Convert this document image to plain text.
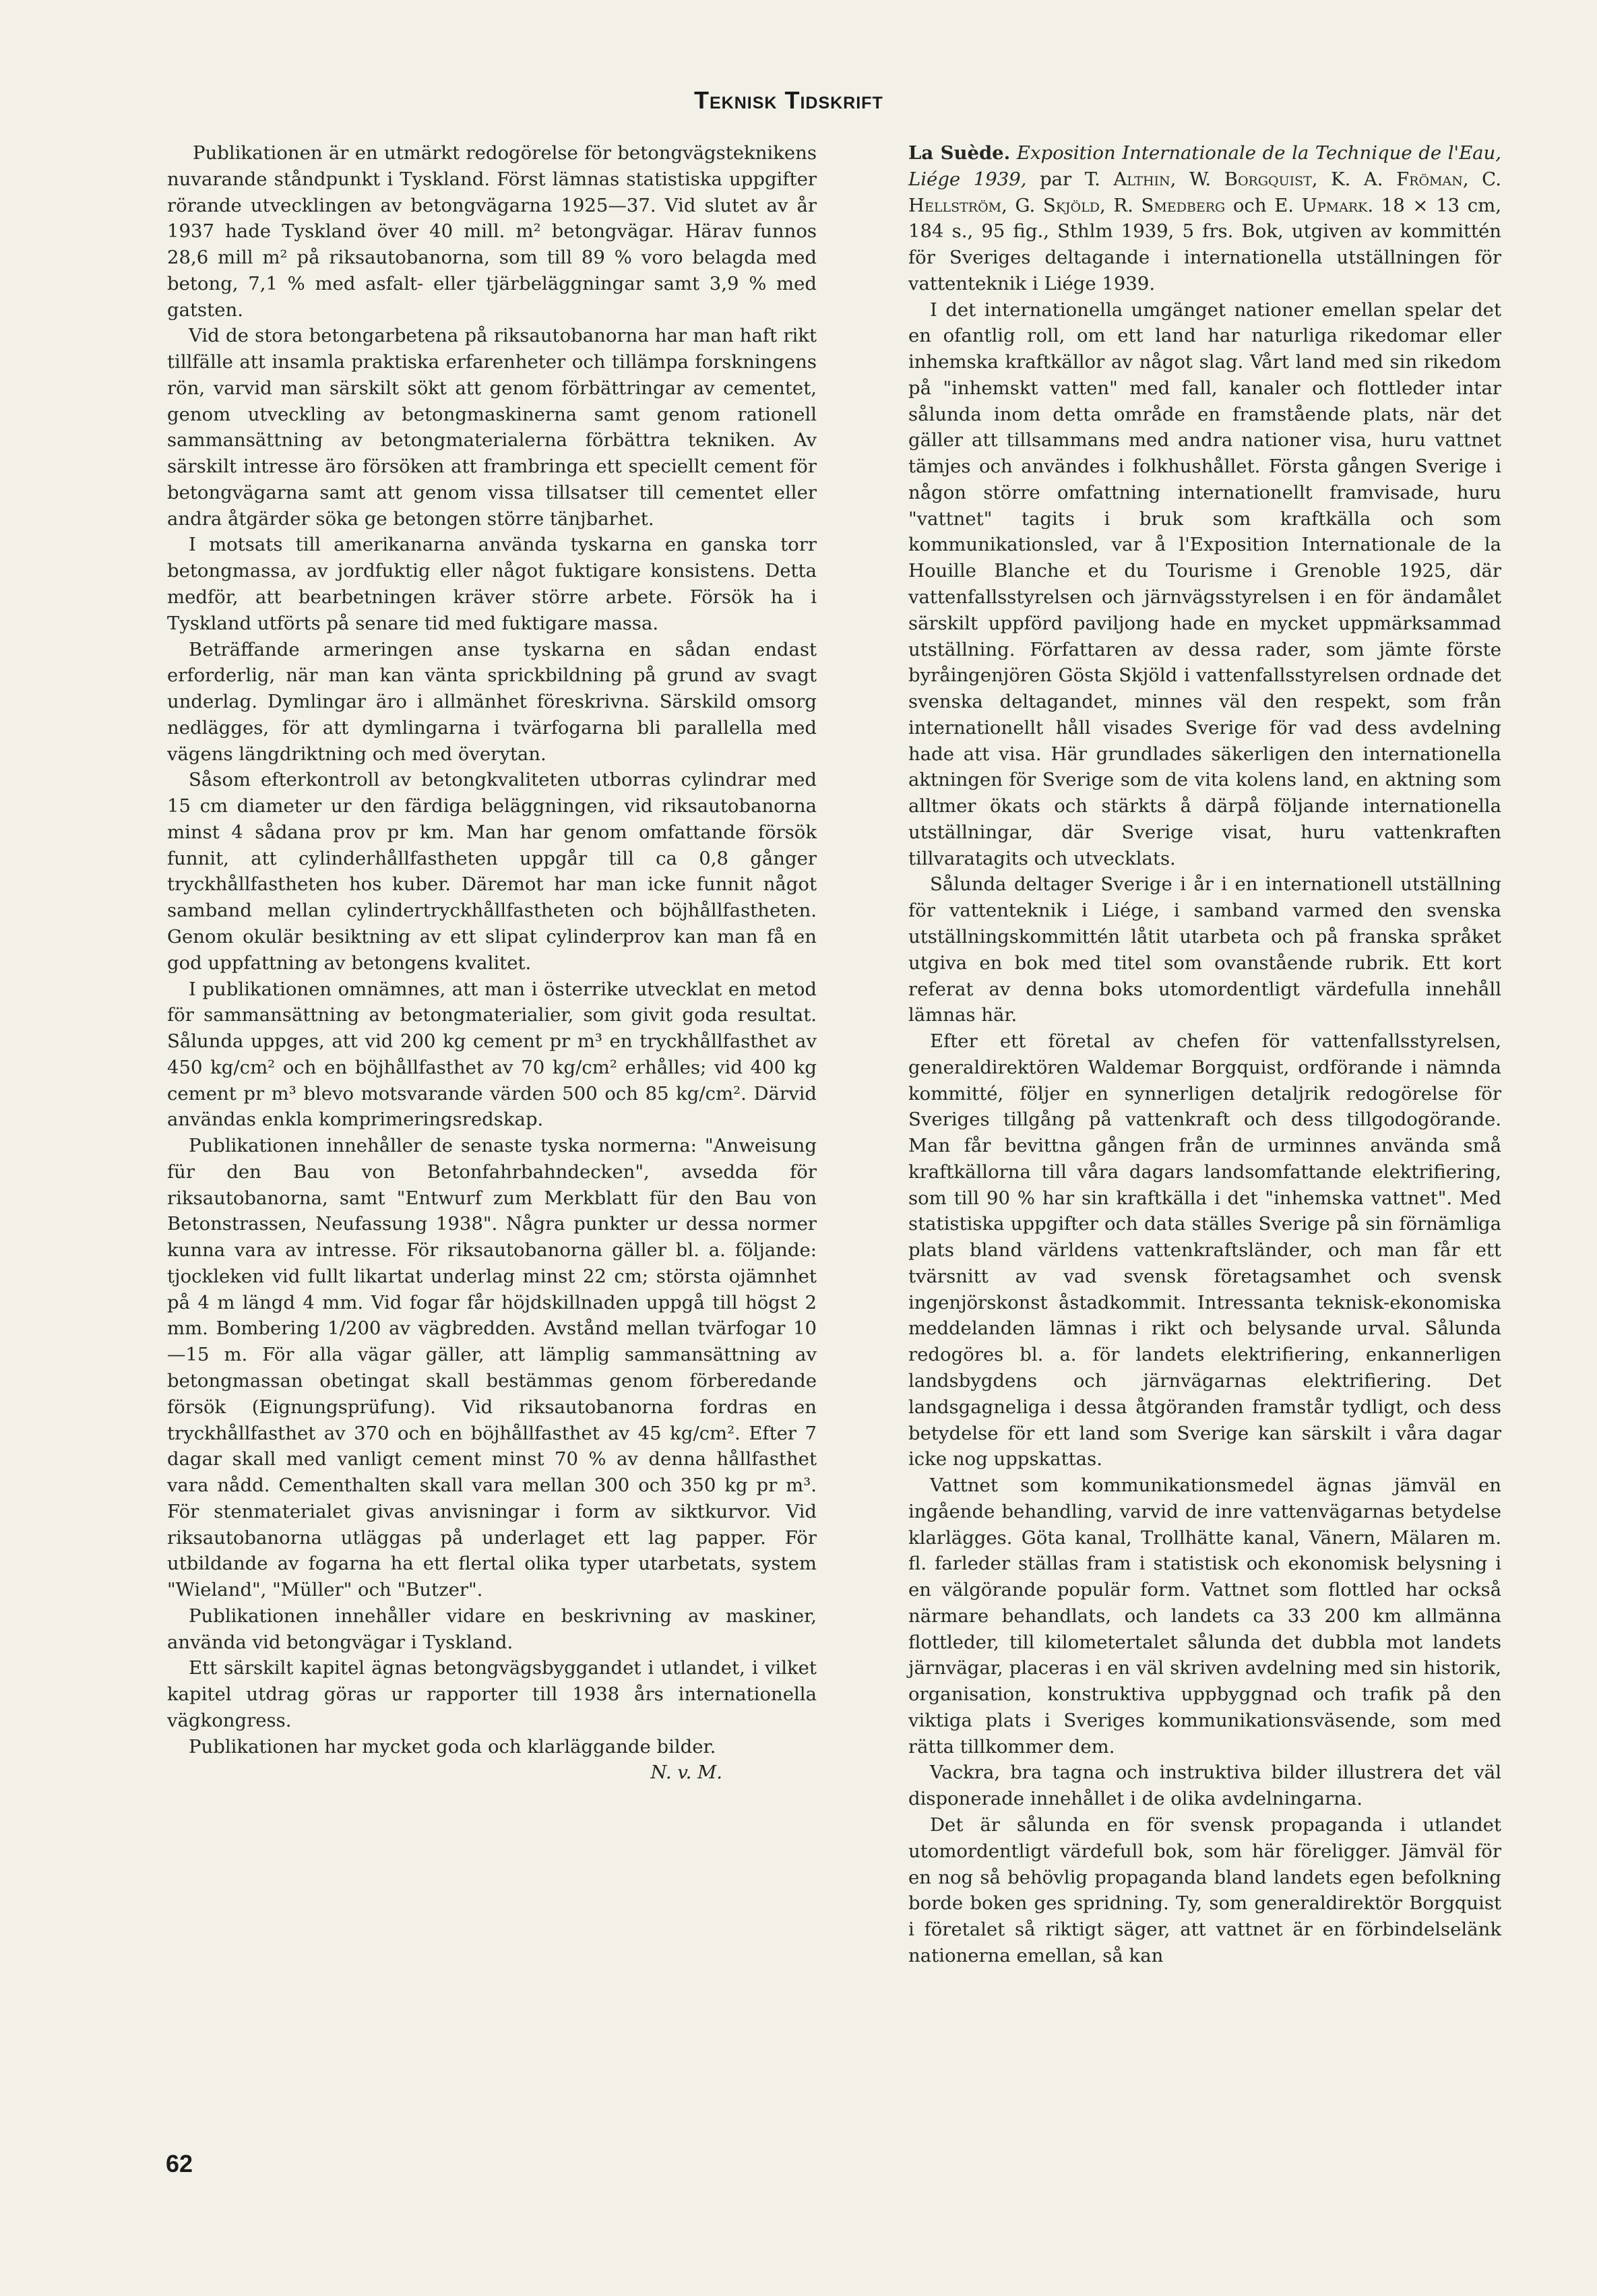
Teknisk Tidskrift

Publikationen är en utmärkt redogörelse för betongvägsteknikens nuvarande ståndpunkt i Tyskland. Först lämnas statistiska uppgifter rörande utvecklingen av betongvägarna 1925—37. Vid slutet av år 1937 hade Tyskland över 40 mill. m² betongvägar. Härav funnos 28,6 mill m² på riksautobanorna, som till 89 % voro belagda med betong, 7,1 % med asfalt- eller tjärbeläggningar samt 3,9 % med gatsten.

Vid de stora betongarbetena på riksautobanorna har man haft rikt tillfälle att insamla praktiska erfarenheter och tillämpa forskningens rön, varvid man särskilt sökt att genom förbättringar av cementet, genom utveckling av betongmaskinerna samt genom rationell sammansättning av betongmaterialerna förbättra tekniken. Av särskilt intresse äro försöken att frambringa ett speciellt cement för betongvägarna samt att genom vissa tillsatser till cementet eller andra åtgärder söka ge betongen större tänjbarhet.

I motsats till amerikanarna använda tyskarna en ganska torr betongmassa, av jordfuktig eller något fuktigare konsistens. Detta medför, att bearbetningen kräver större arbete. Försök ha i Tyskland utförts på senare tid med fuktigare massa.

Beträffande armeringen anse tyskarna en sådan endast erforderlig, när man kan vänta sprickbildning på grund av svagt underlag. Dymlingar äro i allmänhet föreskrivna. Särskild omsorg nedlägges, för att dymlingarna i tvärfogarna bli parallella med vägens längdriktning och med överytan.

Såsom efterkontroll av betongkvaliteten utborras cylindrar med 15 cm diameter ur den färdiga beläggningen, vid riksautobanorna minst 4 sådana prov pr km. Man har genom omfattande försök funnit, att cylinderhållfastheten uppgår till ca 0,8 gånger tryckhållfastheten hos kuber. Däremot har man icke funnit något samband mellan cylindertryckhållfastheten och böjhållfastheten. Genom okulär besiktning av ett slipat cylinderprov kan man få en god uppfattning av betongens kvalitet.

I publikationen omnämnes, att man i österrike utvecklat en metod för sammansättning av betongmaterialier, som givit goda resultat. Sålunda uppges, att vid 200 kg cement pr m³ en tryckhållfasthet av 450 kg/cm² och en böjhållfasthet av 70 kg/cm² erhålles; vid 400 kg cement pr m³ blevo motsvarande värden 500 och 85 kg/cm². Därvid användas enkla komprimeringsredskap.

Publikationen innehåller de senaste tyska normerna: "Anweisung für den Bau von Betonfahrbahndecken", avsedda för riksautobanorna, samt "Entwurf zum Merkblatt für den Bau von Betonstrassen, Neufassung 1938". Några punkter ur dessa normer kunna vara av intresse. För riksautobanorna gäller bl. a. följande: tjockleken vid fullt likartat underlag minst 22 cm; största ojämnhet på 4 m längd 4 mm. Vid fogar får höjdskillnaden uppgå till högst 2 mm. Bombering 1/200 av vägbredden. Avstånd mellan tvärfogar 10—15 m. För alla vägar gäller, att lämplig sammansättning av betongmassan obetingat skall bestämmas genom förberedande försök (Eignungsprüfung). Vid riksautobanorna fordras en tryckhållfasthet av 370 och en böjhållfasthet av 45 kg/cm². Efter 7 dagar skall med vanligt cement minst 70 % av denna hållfasthet vara nådd. Cementhalten skall vara mellan 300 och 350 kg pr m³. För stenmaterialet givas anvisningar i form av siktkurvor. Vid riksautobanorna utläggas på underlaget ett lag papper. För utbildande av fogarna ha ett flertal olika typer utarbetats, system "Wieland", "Müller" och "Butzer".

Publikationen innehåller vidare en beskrivning av maskiner, använda vid betongvägar i Tyskland.

Ett särskilt kapitel ägnas betongvägsbyggandet i utlandet, i vilket kapitel utdrag göras ur rapporter till 1938 års internationella vägkongress.

Publikationen har mycket goda och klarläggande bilder.

N. v. M.

La Suède. Exposition Internationale de la Technique de l'Eau, Liége 1939, par T. Althin, W. Borgquist, K. A. Fröman, C. Hellström, G. Skjöld, R. Smedberg och E. Upmark. 18 × 13 cm, 184 s., 95 fig., Sthlm 1939, 5 frs. Bok, utgiven av kommittén för Sveriges deltagande i internationella utställningen för vattenteknik i Liége 1939.

I det internationella umgänget nationer emellan spelar det en ofantlig roll, om ett land har naturliga rikedomar eller inhemska kraftkällor av något slag. Vårt land med sin rikedom på "inhemskt vatten" med fall, kanaler och flottleder intar sålunda inom detta område en framstående plats, när det gäller att tillsammans med andra nationer visa, huru vattnet tämjes och användes i folkhushållet. Första gången Sverige i någon större omfattning internationellt framvisade, huru "vattnet" tagits i bruk som kraftkälla och som kommunikationsled, var å l'Exposition Internationale de la Houille Blanche et du Tourisme i Grenoble 1925, där vattenfallsstyrelsen och järnvägsstyrelsen i en för ändamålet särskilt uppförd paviljong hade en mycket uppmärksammad utställning. Författaren av dessa rader, som jämte förste byråingenjören Gösta Skjöld i vattenfallsstyrelsen ordnade det svenska deltagandet, minnes väl den respekt, som från internationellt håll visades Sverige för vad dess avdelning hade att visa. Här grundlades säkerligen den internationella aktningen för Sverige som de vita kolens land, en aktning som alltmer ökats och stärkts å därpå följande internationella utställningar, där Sverige visat, huru vattenkraften tillvaratagits och utvecklats.

Sålunda deltager Sverige i år i en internationell utställning för vattenteknik i Liége, i samband varmed den svenska utställningskommittén låtit utarbeta och på franska språket utgiva en bok med titel som ovanstående rubrik. Ett kort referat av denna boks utomordentligt värdefulla innehåll lämnas här.

Efter ett företal av chefen för vattenfallsstyrelsen, generaldirektören Waldemar Borgquist, ordförande i nämnda kommitté, följer en synnerligen detaljrik redogörelse för Sveriges tillgång på vattenkraft och dess tillgodogörande. Man får bevittna gången från de urminnes använda små kraftkällorna till våra dagars landsomfattande elektrifiering, som till 90 % har sin kraftkälla i det "inhemska vattnet". Med statistiska uppgifter och data ställes Sverige på sin förnämliga plats bland världens vattenkraftsländer, och man får ett tvärsnitt av vad svensk företagsamhet och svensk ingenjörskonst åstadkommit. Intressanta teknisk-ekonomiska meddelanden lämnas i rikt och belysande urval. Sålunda redogöres bl. a. för landets elektrifiering, enkannerligen landsbygdens och järnvägarnas elektrifiering. Det landsgagneliga i dessa åtgöranden framstår tydligt, och dess betydelse för ett land som Sverige kan särskilt i våra dagar icke nog uppskattas.

Vattnet som kommunikationsmedel ägnas jämväl en ingående behandling, varvid de inre vattenvägarnas betydelse klarlägges. Göta kanal, Trollhätte kanal, Vänern, Mälaren m. fl. farleder ställas fram i statistisk och ekonomisk belysning i en välgörande populär form. Vattnet som flottled har också närmare behandlats, och landets ca 33 200 km allmänna flottleder, till kilometertalet sålunda det dubbla mot landets järnvägar, placeras i en väl skriven avdelning med sin historik, organisation, konstruktiva uppbyggnad och trafik på den viktiga plats i Sveriges kommunikationsväsende, som med rätta tillkommer dem.

Vackra, bra tagna och instruktiva bilder illustrera det väl disponerade innehållet i de olika avdelningarna.

Det är sålunda en för svensk propaganda i utlandet utomordentligt värdefull bok, som här föreligger. Jämväl för en nog så behövlig propaganda bland landets egen befolkning borde boken ges spridning. Ty, som generaldirektör Borgquist i företalet så riktigt säger, att vattnet är en förbindelselänk nationerna emellan, så kan

62
